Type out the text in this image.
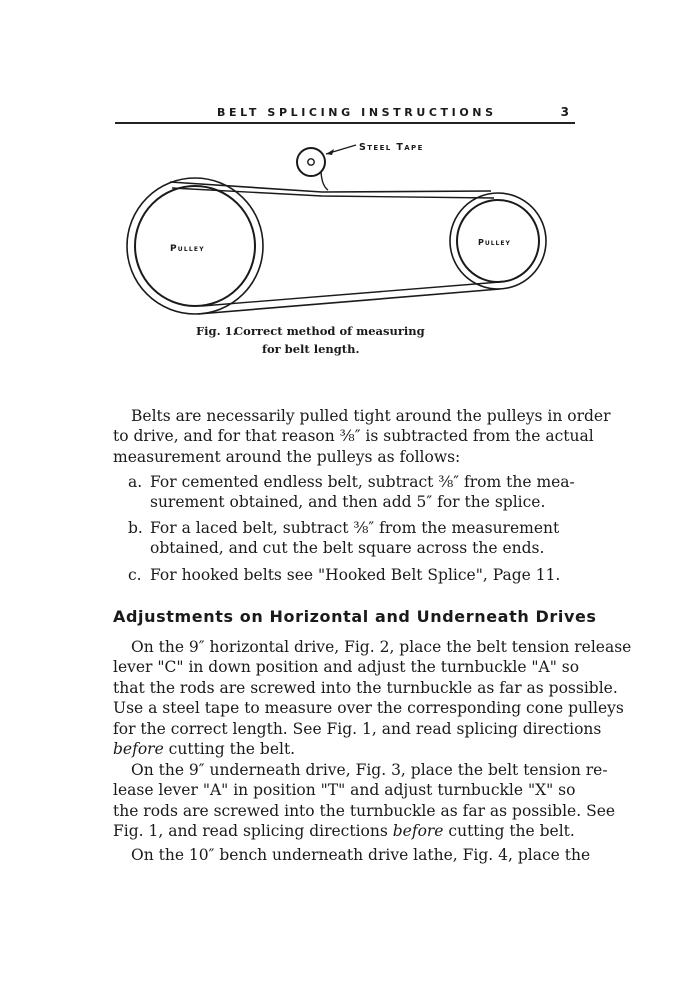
BELT SPLICING INSTRUCTIONS	3
Steel Tape
Pulley
Pulley
Fig. 1.Correct method of measuring
for belt length.
Belts are necessarily pulled tight around the pulleys in order
to drive, and for that reason ⅜″ is subtracted from the actual
measurement around the pulleys as follows:
a. For cemented endless belt, subtract ⅜″ from the mea-
surement obtained, and then add 5″ for the splice.
b. For a laced belt, subtract ⅜″ from the measurement
obtained, and cut the belt square across the ends.
c. For hooked belts see "Hooked Belt Splice", Page 11.
Adjustments on Horizontal and Underneath Drives
On the 9″ horizontal drive, Fig. 2, place the belt tension release
lever "C" in down position and adjust the turnbuckle "A" so
that the rods are screwed into the turnbuckle as far as possible.
Use a steel tape to measure over the corresponding cone pulleys
for the correct length. See Fig. 1, and read splicing directions
before cutting the belt.
On the 9″ underneath drive, Fig. 3, place the belt tension re-
lease lever "A" in position "T" and adjust turnbuckle "X" so
the rods are screwed into the turnbuckle as far as possible. See
Fig. 1, and read splicing directions before cutting the belt.
On the 10″ bench underneath drive lathe, Fig. 4, place the
